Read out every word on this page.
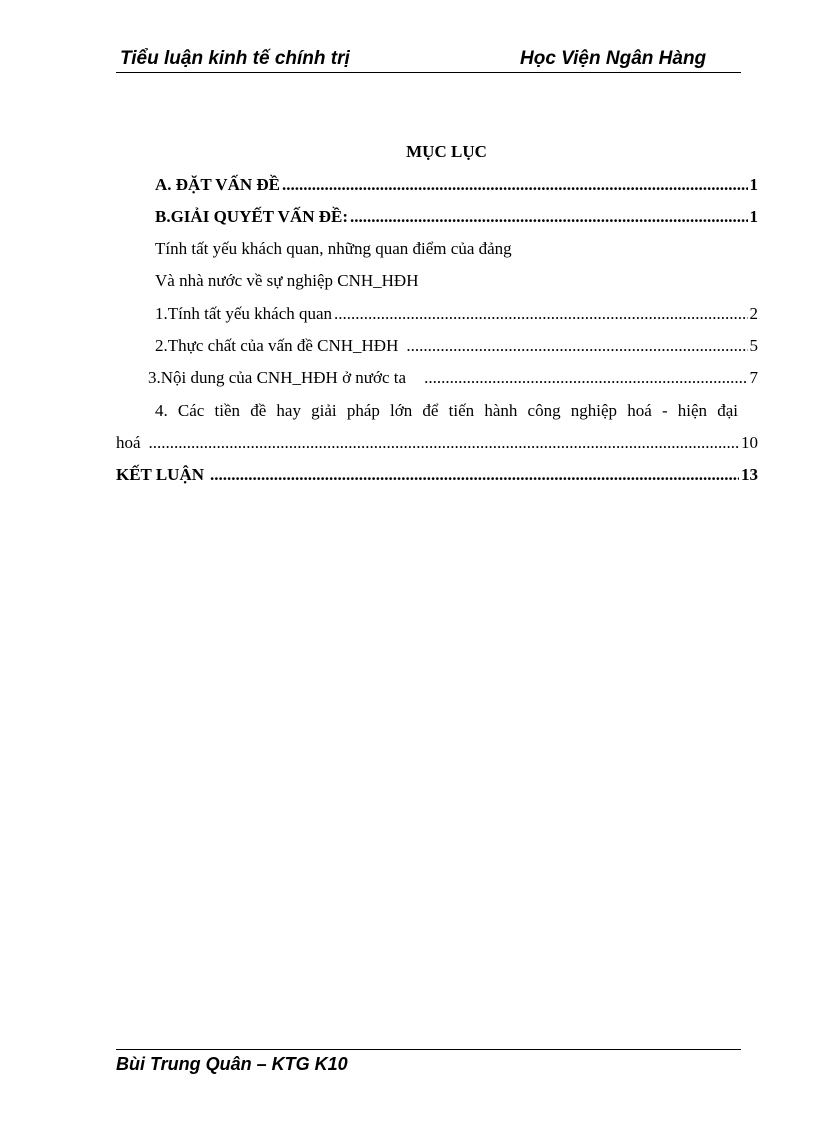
Tiểu luận kinh tế chính trị	Học Viện Ngân Hàng
MỤC LỤC
A. ĐẶT VẤN ĐỀ .....	1
B.GIẢI QUYẾT VẤN ĐỀ: .....	1
Tính tất yếu khách quan, những quan điểm của đảng
Và nhà nước về sự nghiệp CNH_HĐH
1.Tính tất yếu khách quan .....	2
2.Thực chất của vấn đề CNH_HĐH .....	5
3.Nội dung của CNH_HĐH ở nước ta .....	7
4. Các tiền đề hay giải pháp lớn để tiến hành công nghiệp hoá - hiện đại
hoá .....	10
KẾT LUẬN .....	13
Bùi Trung Quân – KTG K10
